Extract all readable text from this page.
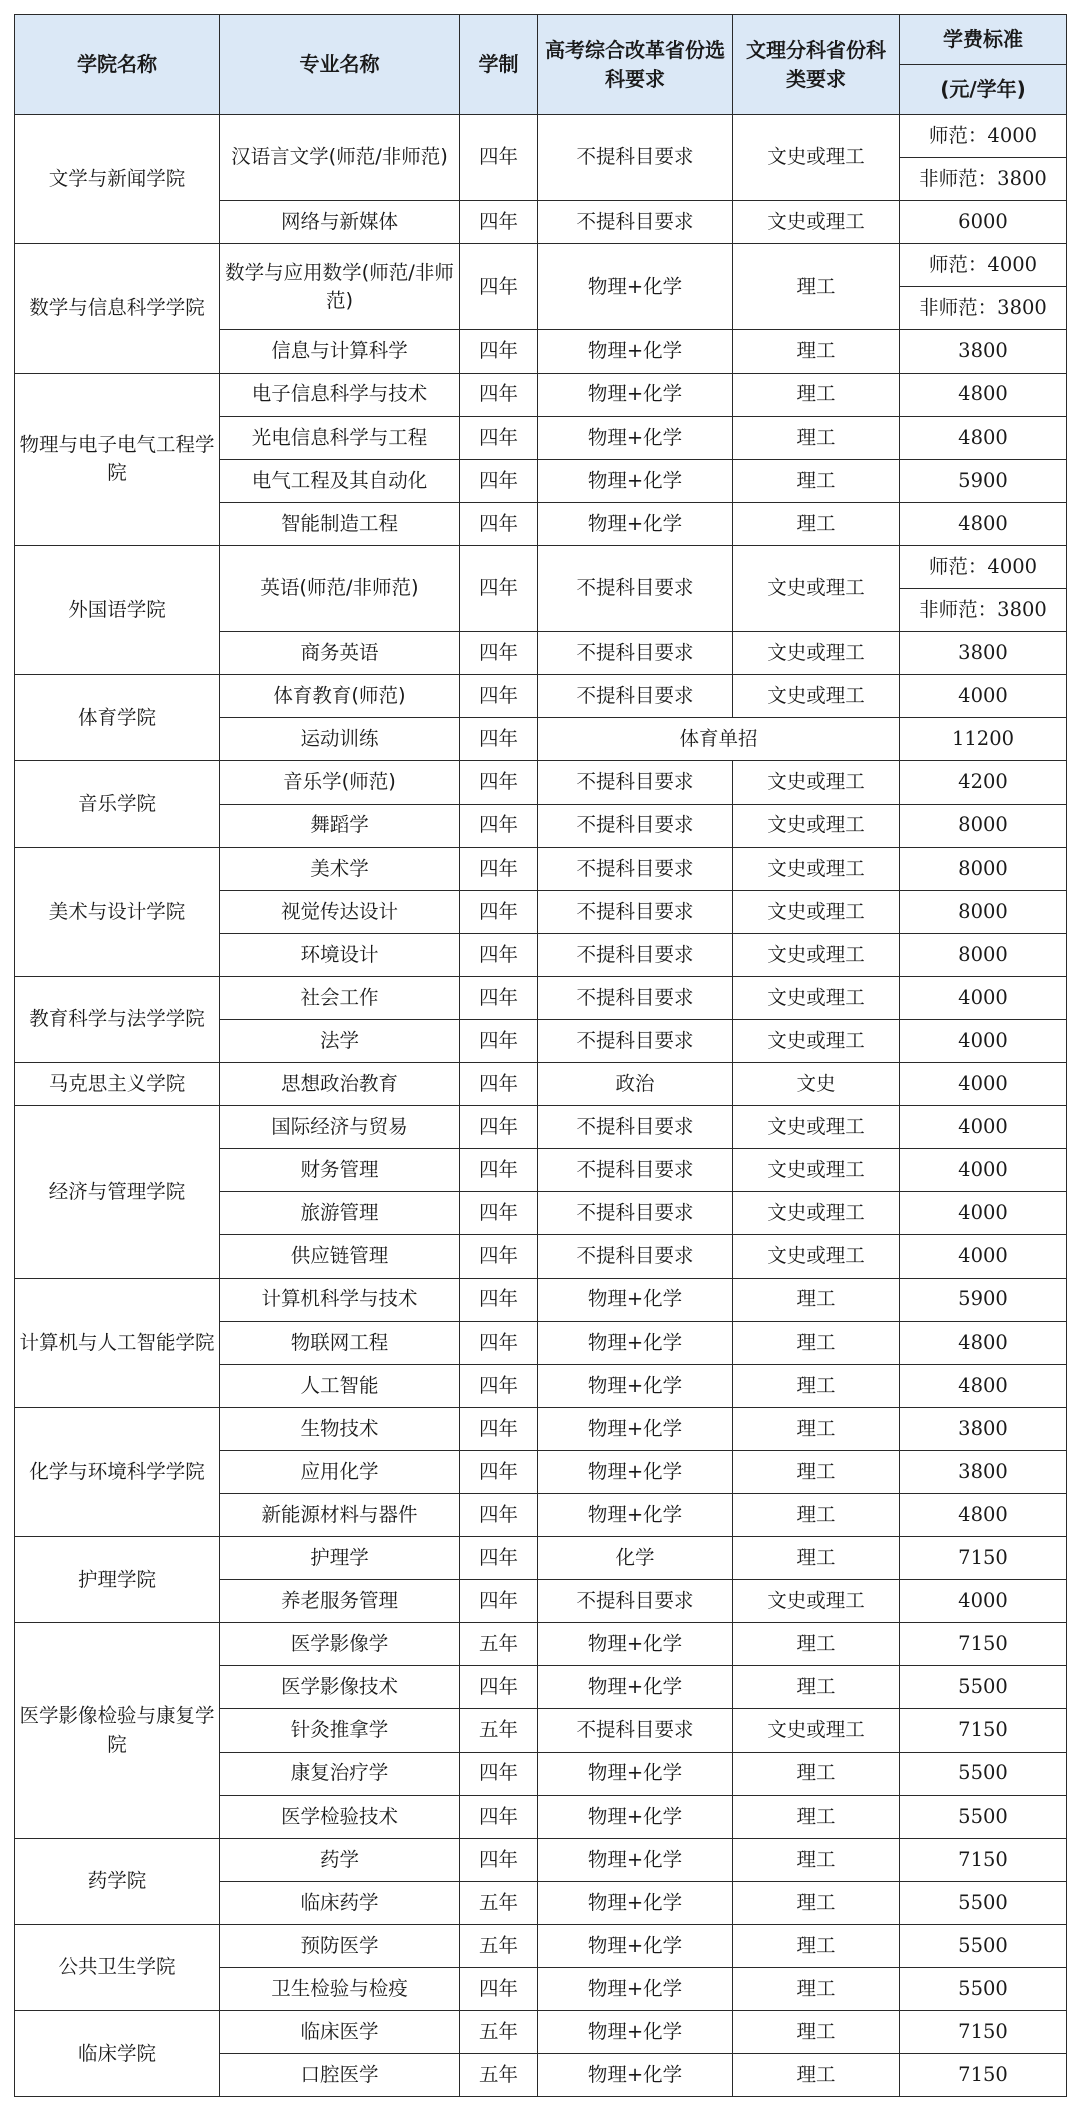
学院名称	专业名称	学制	高考综合改革省份选科要求	文理分科省份科类要求	学费标准
					(元/学年)
文学与新闻学院	汉语言文学(师范/非师范)	四年	不提科目要求	文史或理工	师范：4000
					非师范：3800
	网络与新媒体	四年	不提科目要求	文史或理工	6000
数学与信息科学学院	数学与应用数学(师范/非师范)	四年	物理+化学	理工	师范：4000
					非师范：3800
	信息与计算科学	四年	物理+化学	理工	3800
物理与电子电气工程学院	电子信息科学与技术	四年	物理+化学	理工	4800
	光电信息科学与工程	四年	物理+化学	理工	4800
	电气工程及其自动化	四年	物理+化学	理工	5900
	智能制造工程	四年	物理+化学	理工	4800
外国语学院	英语(师范/非师范)	四年	不提科目要求	文史或理工	师范：4000
					非师范：3800
	商务英语	四年	不提科目要求	文史或理工	3800
体育学院	体育教育(师范)	四年	不提科目要求	文史或理工	4000
	运动训练	四年	体育单招		11200
音乐学院	音乐学(师范)	四年	不提科目要求	文史或理工	4200
	舞蹈学	四年	不提科目要求	文史或理工	8000
美术与设计学院	美术学	四年	不提科目要求	文史或理工	8000
	视觉传达设计	四年	不提科目要求	文史或理工	8000
	环境设计	四年	不提科目要求	文史或理工	8000
教育科学与法学学院	社会工作	四年	不提科目要求	文史或理工	4000
	法学	四年	不提科目要求	文史或理工	4000
马克思主义学院	思想政治教育	四年	政治	文史	4000
经济与管理学院	国际经济与贸易	四年	不提科目要求	文史或理工	4000
	财务管理	四年	不提科目要求	文史或理工	4000
	旅游管理	四年	不提科目要求	文史或理工	4000
	供应链管理	四年	不提科目要求	文史或理工	4000
计算机与人工智能学院	计算机科学与技术	四年	物理+化学	理工	5900
	物联网工程	四年	物理+化学	理工	4800
	人工智能	四年	物理+化学	理工	4800
化学与环境科学学院	生物技术	四年	物理+化学	理工	3800
	应用化学	四年	物理+化学	理工	3800
	新能源材料与器件	四年	物理+化学	理工	4800
护理学院	护理学	四年	化学	理工	7150
	养老服务管理	四年	不提科目要求	文史或理工	4000
医学影像检验与康复学院	医学影像学	五年	物理+化学	理工	7150
	医学影像技术	四年	物理+化学	理工	5500
	针灸推拿学	五年	不提科目要求	文史或理工	7150
	康复治疗学	四年	物理+化学	理工	5500
	医学检验技术	四年	物理+化学	理工	5500
药学院	药学	四年	物理+化学	理工	7150
	临床药学	五年	物理+化学	理工	5500
公共卫生学院	预防医学	五年	物理+化学	理工	5500
	卫生检验与检疫	四年	物理+化学	理工	5500
临床学院	临床医学	五年	物理+化学	理工	7150
	口腔医学	五年	物理+化学	理工	7150
